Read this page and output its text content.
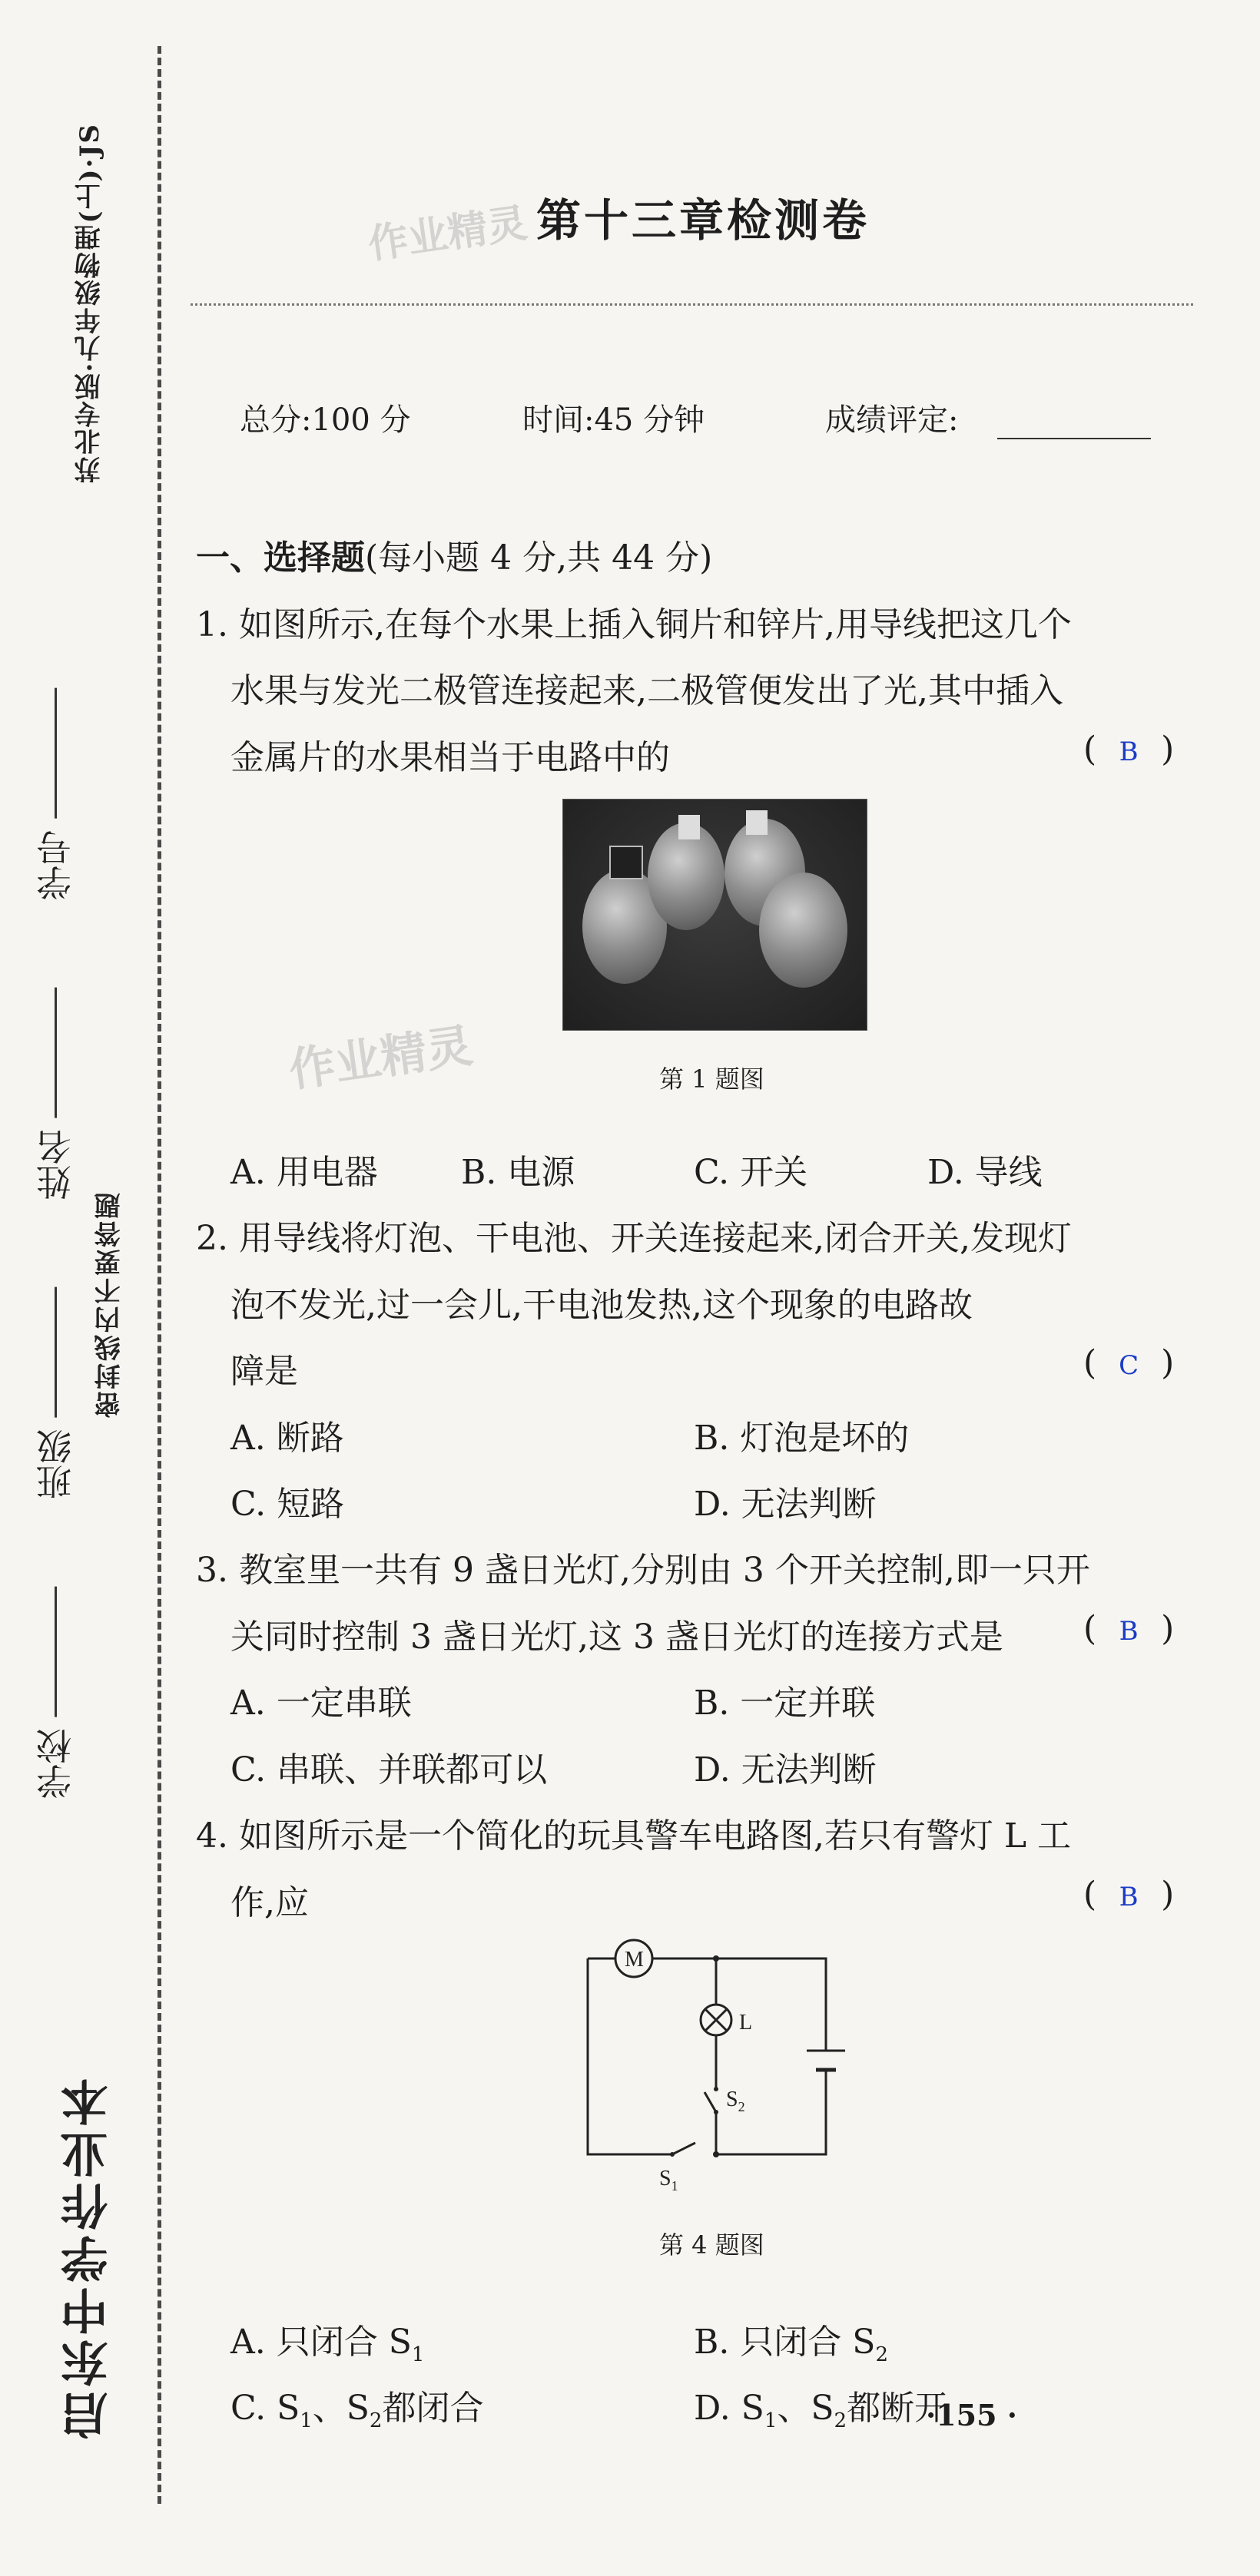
苏北专版·九年级物理(上)·JS
学号
姓名
班级
学校
密封线内不要答题
启东中学作业本
第十三章检测卷
作业精灵
总分:100 分	时间:45 分钟	成绩评定:
一、选择题(每小题 4 分,共 44 分)
1. 如图所示,在每个水果上插入铜片和锌片,用导线把这几个
水果与发光二极管连接起来,二极管便发出了光,其中插入
金属片的水果相当于电路中的	( B )
作业精灵	第 1 题图
A. 用电器 B. 电源	C. 开关	D. 导线
2. 用导线将灯泡、干电池、开关连接起来,闭合开关,发现灯
泡不发光,过一会儿,干电池发热,这个现象的电路故
障是	( C )
A. 断路	B. 灯泡是坏的
C. 短路	D. 无法判断
3. 教室里一共有 9 盏日光灯,分别由 3 个开关控制,即一只开
关同时控制 3 盏日光灯,这 3 盏日光灯的连接方式是 ( B )
A. 一定串联	B. 一定并联
C. 串联、并联都可以	D. 无法判断
4. 如图所示是一个简化的玩具警车电路图,若只有警灯 L 工
作,应	( B )
M
L
$S_2$
$S_1$
第 4 题图
A. 只闭合 $S_1$	B. 只闭合 $S_2$
C. $S_1$、$S_2$都闭合	D. $S_1$、$S_2$都断开
·155 ·
